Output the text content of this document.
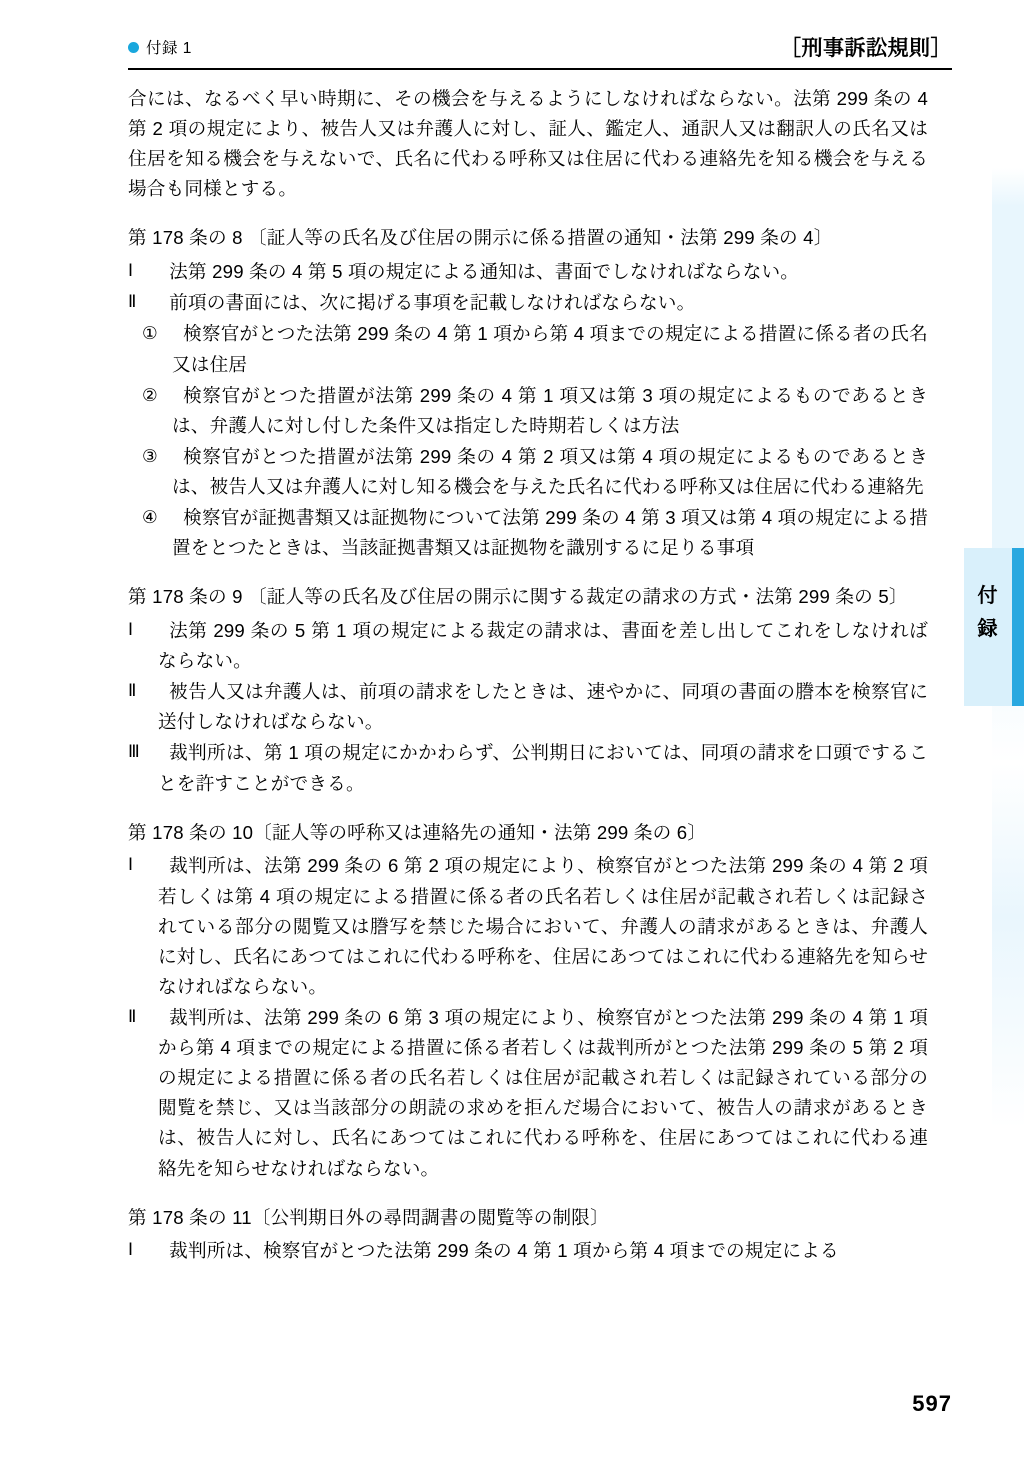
付録 1	［刑事訴訟規則］
付
録

合には、なるべく早い時期に、その機会を与えるようにしなければならない。法第 299 条の 4 第 2 項の規定により、被告人又は弁護人に対し、証人、鑑定人、通訳人又は翻訳人の氏名又は住居を知る機会を与えないで、氏名に代わる呼称又は住居に代わる連絡先を知る機会を与える場合も同様とする。

第 178 条の 8 〔証人等の氏名及び住居の開示に係る措置の通知・法第 299 条の 4〕
Ⅰ	法第 299 条の 4 第 5 項の規定による通知は、書面でしなければならない。
Ⅱ	前項の書面には、次に掲げる事項を記載しなければならない。
①	検察官がとつた法第 299 条の 4 第 1 項から第 4 項までの規定による措置に係る者の氏名又は住居
②	検察官がとつた措置が法第 299 条の 4 第 1 項又は第 3 項の規定によるものであるときは、弁護人に対し付した条件又は指定した時期若しくは方法
③	検察官がとつた措置が法第 299 条の 4 第 2 項又は第 4 項の規定によるものであるときは、被告人又は弁護人に対し知る機会を与えた氏名に代わる呼称又は住居に代わる連絡先
④	検察官が証拠書類又は証拠物について法第 299 条の 4 第 3 項又は第 4 項の規定による措置をとつたときは、当該証拠書類又は証拠物を識別するに足りる事項
第 178 条の 9 〔証人等の氏名及び住居の開示に関する裁定の請求の方式・法第 299 条の 5〕
Ⅰ	法第 299 条の 5 第 1 項の規定による裁定の請求は、書面を差し出してこれをしなければならない。
Ⅱ	被告人又は弁護人は、前項の請求をしたときは、速やかに、同項の書面の謄本を検察官に送付しなければならない。
Ⅲ	裁判所は、第 1 項の規定にかかわらず、公判期日においては、同項の請求を口頭ですることを許すことができる。
第 178 条の 10〔証人等の呼称又は連絡先の通知・法第 299 条の 6〕
Ⅰ	裁判所は、法第 299 条の 6 第 2 項の規定により、検察官がとつた法第 299 条の 4 第 2 項若しくは第 4 項の規定による措置に係る者の氏名若しくは住居が記載され若しくは記録されている部分の閲覧又は謄写を禁じた場合において、弁護人の請求があるときは、弁護人に対し、氏名にあつてはこれに代わる呼称を、住居にあつてはこれに代わる連絡先を知らせなければならない。
Ⅱ	裁判所は、法第 299 条の 6 第 3 項の規定により、検察官がとつた法第 299 条の 4 第 1 項から第 4 項までの規定による措置に係る者若しくは裁判所がとつた法第 299 条の 5 第 2 項の規定による措置に係る者の氏名若しくは住居が記載され若しくは記録されている部分の閲覧を禁じ、又は当該部分の朗読の求めを拒んだ場合において、被告人の請求があるときは、被告人に対し、氏名にあつてはこれに代わる呼称を、住居にあつてはこれに代わる連絡先を知らせなければならない。
第 178 条の 11〔公判期日外の尋問調書の閲覧等の制限〕
Ⅰ	裁判所は、検察官がとつた法第 299 条の 4 第 1 項から第 4 項までの規定による
597
